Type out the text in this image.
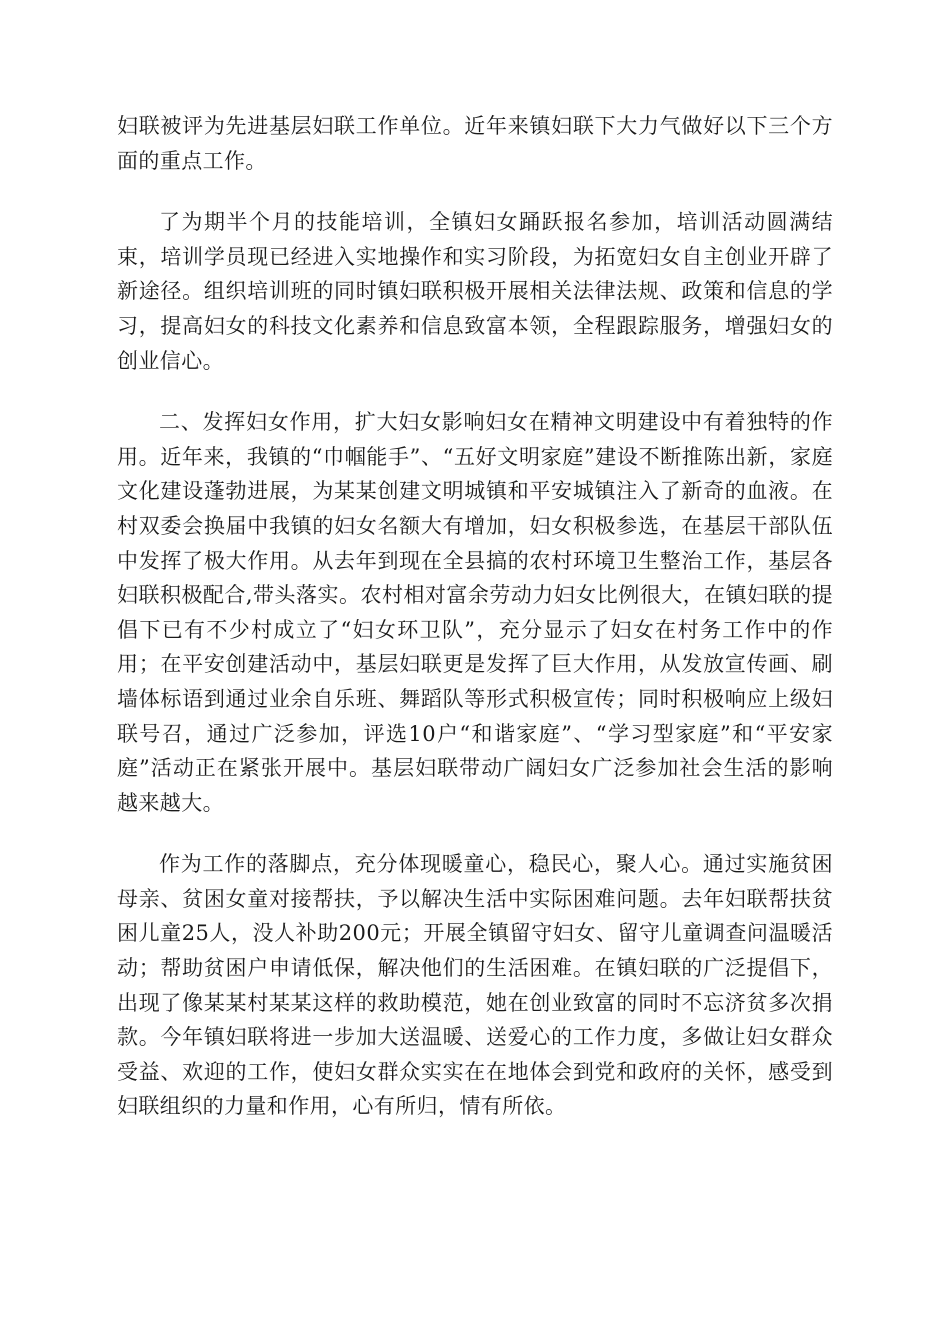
妇联被评为先进基层妇联工作单位。近年来镇妇联下大力气做好以下三个方面的重点工作。

了为期半个月的技能培训，全镇妇女踊跃报名参加，培训活动圆满结束，培训学员现已经进入实地操作和实习阶段，为拓宽妇女自主创业开辟了新途径。组织培训班的同时镇妇联积极开展相关法律法规、政策和信息的学习，提高妇女的科技文化素养和信息致富本领，全程跟踪服务，增强妇女的创业信心。

二、发挥妇女作用，扩大妇女影响妇女在精神文明建设中有着独特的作用。近年来，我镇的“巾帼能手”、“五好文明家庭”建设不断推陈出新，家庭文化建设蓬勃进展，为某某创建文明城镇和平安城镇注入了新奇的血液。在村双委会换届中我镇的妇女名额大有增加，妇女积极参选，在基层干部队伍中发挥了极大作用。从去年到现在全县搞的农村环境卫生整治工作，基层各妇联积极配合,带头落实。农村相对富余劳动力妇女比例很大，在镇妇联的提倡下已有不少村成立了“妇女环卫队”，充分显示了妇女在村务工作中的作用；在平安创建活动中，基层妇联更是发挥了巨大作用，从发放宣传画、刷墙体标语到通过业余自乐班、舞蹈队等形式积极宣传；同时积极响应上级妇联号召，通过广泛参加，评选10户“和谐家庭”、“学习型家庭”和“平安家庭”活动正在紧张开展中。基层妇联带动广阔妇女广泛参加社会生活的影响越来越大。

作为工作的落脚点，充分体现暖童心，稳民心，聚人心。通过实施贫困母亲、贫困女童对接帮扶，予以解决生活中实际困难问题。去年妇联帮扶贫困儿童25人，没人补助200元；开展全镇留守妇女、留守儿童调查问温暖活动；帮助贫困户申请低保，解决他们的生活困难。在镇妇联的广泛提倡下，出现了像某某村某某这样的救助模范，她在创业致富的同时不忘济贫多次捐款。今年镇妇联将进一步加大送温暖、送爱心的工作力度，多做让妇女群众受益、欢迎的工作，使妇女群众实实在在地体会到党和政府的关怀，感受到妇联组织的力量和作用，心有所归，情有所依。
